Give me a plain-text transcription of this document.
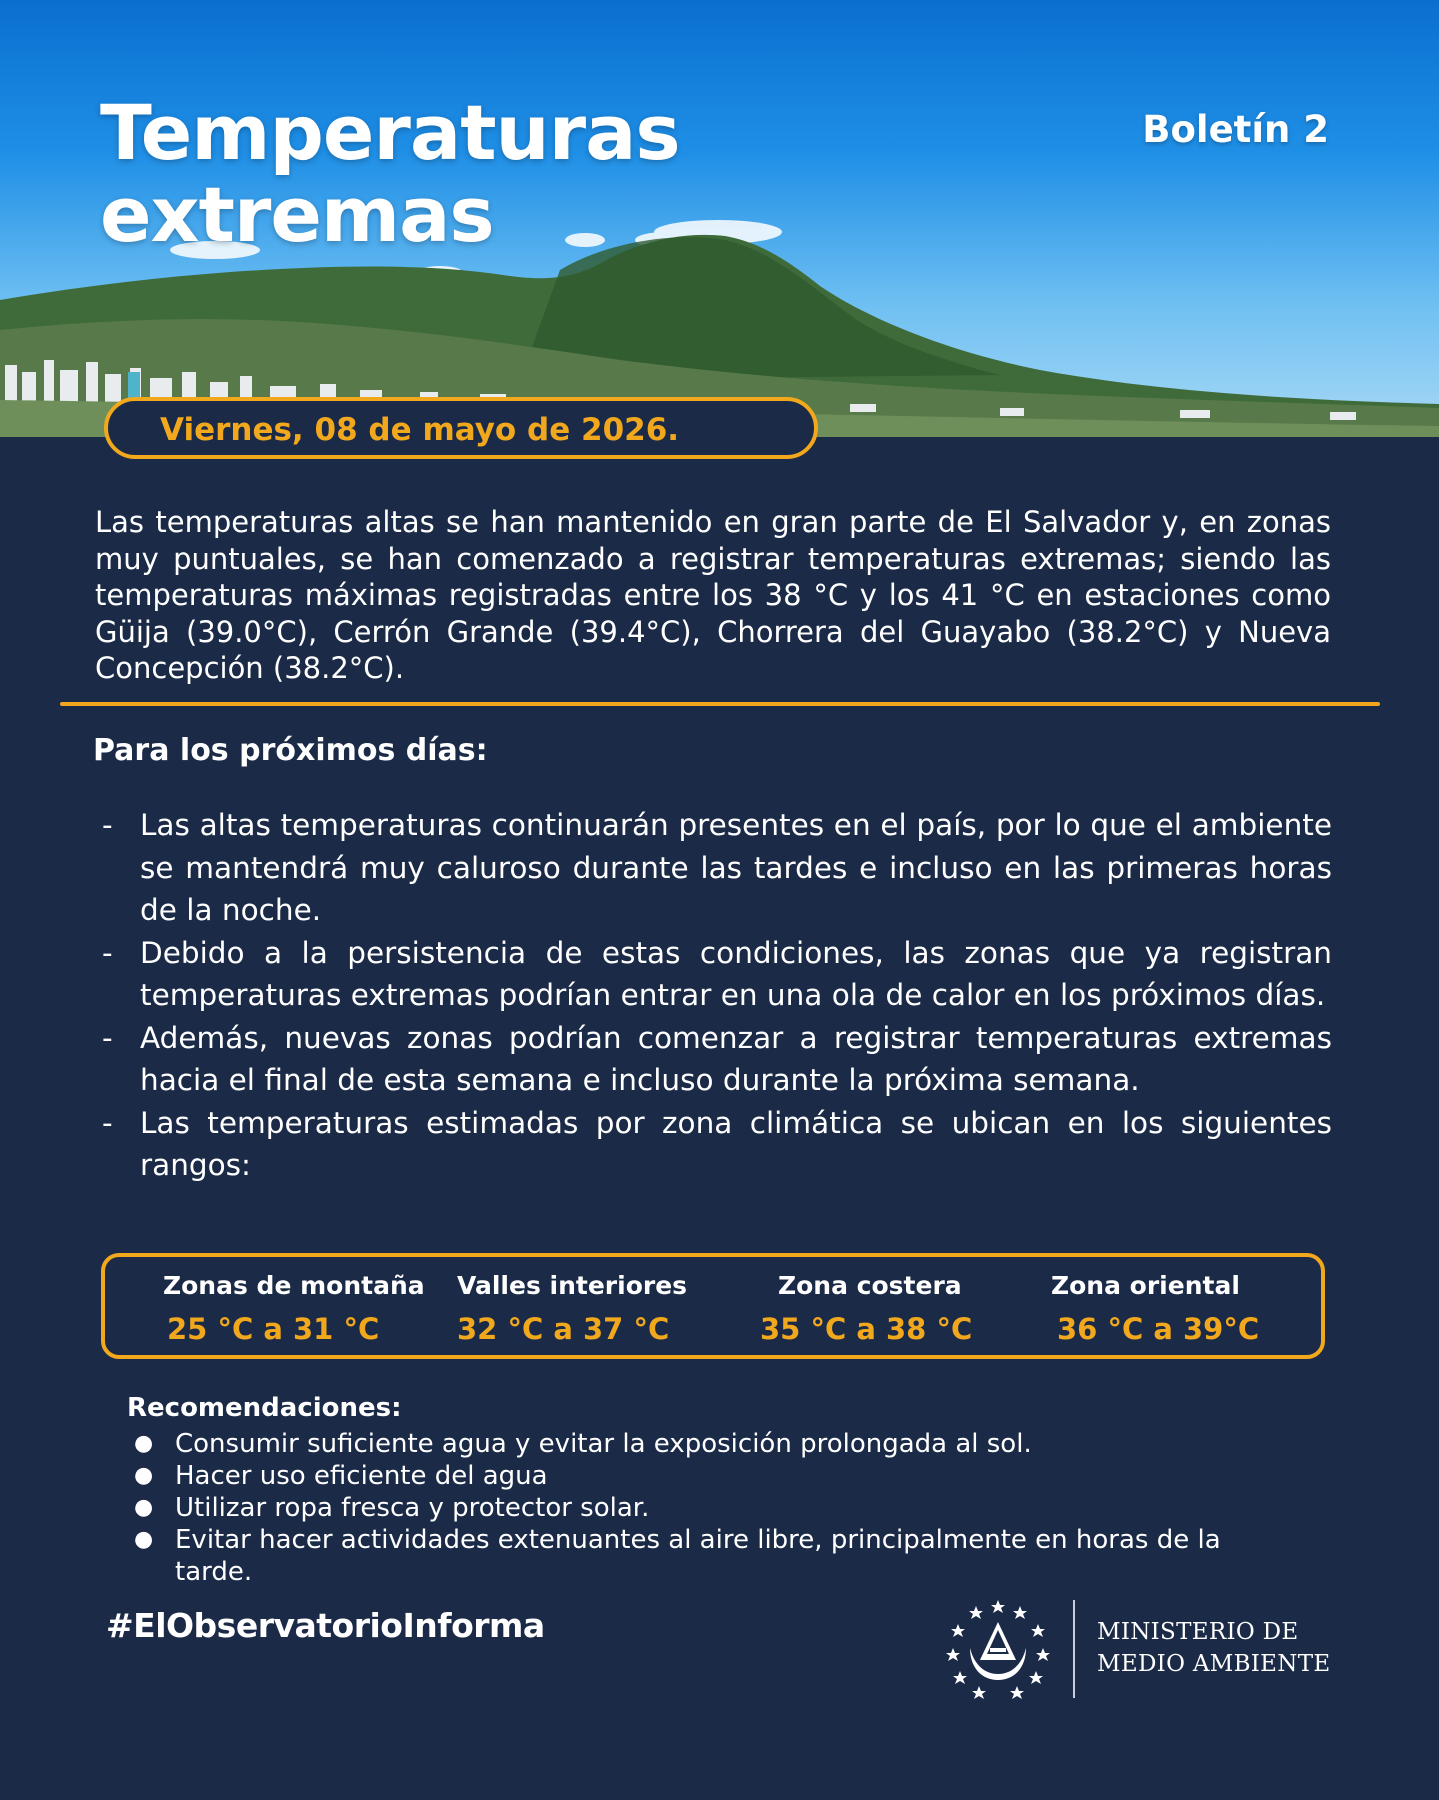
Temperaturas
extremas
Boletín 2
Viernes, 08 de mayo de 2026.

Las temperaturas altas se han mantenido en gran parte de El Salvador y, en zonas muy puntuales, se han comenzado a registrar temperaturas extremas; siendo las temperaturas máximas registradas entre los 38 °C y los 41 °C en estaciones como Güija (39.0°C), Cerrón Grande (39.4°C), Chorrera del Guayabo (38.2°C) y Nueva Concepción (38.2°C).

Para los próximos días:
- Las altas temperaturas continuarán presentes en el país, por lo que el ambiente se mantendrá muy caluroso durante las tardes e incluso en las primeras horas de la noche.
- Debido a la persistencia de estas condiciones, las zonas que ya registran temperaturas extremas podrían entrar en una ola de calor en los próximos días.
- Además, nuevas zonas podrían comenzar a registrar temperaturas extremas hacia el final de esta semana e incluso durante la próxima semana.
- Las temperaturas estimadas por zona climática se ubican en los siguientes rangos:
Zonas de montaña
25 °C a 31 °C
Valles interiores
32 °C a 37 °C
Zona costera
35 °C a 38 °C
Zona oriental
36 °C a 39°C
Recomendaciones:
● Consumir suficiente agua y evitar la exposición prolongada al sol.
● Hacer uso eficiente del agua
● Utilizar ropa fresca y protector solar.
● Evitar hacer actividades extenuantes al aire libre, principalmente en horas de la tarde.
#ElObservatorioInforma	MINISTERIO DE
MEDIO AMBIENTE
